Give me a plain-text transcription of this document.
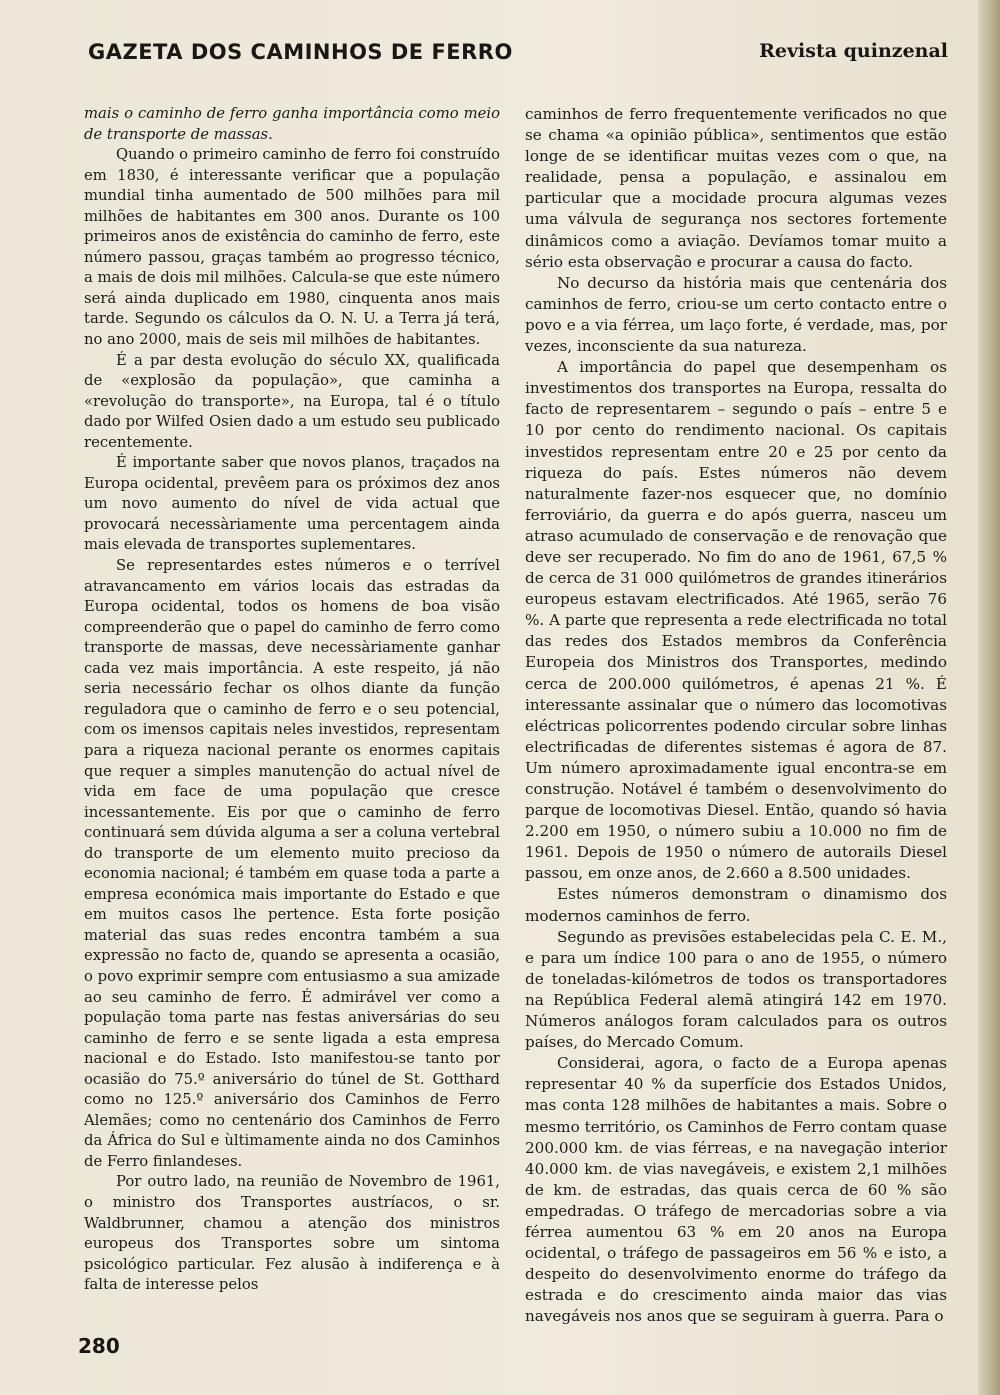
GAZETA DOS CAMINHOS DE FERRO	Revista quinzenal

mais o caminho de ferro ganha importância como meio de transporte de massas.

Quando o primeiro caminho de ferro foi construído em 1830, é interessante verificar que a população mundial tinha aumentado de 500 milhões para mil milhões de habitantes em 300 anos. Durante os 100 primeiros anos de existência do caminho de ferro, este número passou, graças também ao progresso técnico, a mais de dois mil milhões. Calcula-se que este número será ainda duplicado em 1980, cinquenta anos mais tarde. Segundo os cálculos da O. N. U. a Terra já terá, no ano 2000, mais de seis mil milhões de habitantes.

É a par desta evolução do século XX, qualificada de «explosão da população», que caminha a «revolução do transporte», na Europa, tal é o título dado por Wilfed Osien dado a um estudo seu publicado recentemente.

É importante saber que novos planos, traçados na Europa ocidental, prevêem para os próximos dez anos um novo aumento do nível de vida actual que provocará necessàriamente uma percentagem ainda mais elevada de transportes suplementares.

Se representardes estes números e o terrível atravancamento em vários locais das estradas da Europa ocidental, todos os homens de boa visão compreenderão que o papel do caminho de ferro como transporte de massas, deve necessàriamente ganhar cada vez mais importância. A este respeito, já não seria necessário fechar os olhos diante da função reguladora que o caminho de ferro e o seu potencial, com os imensos capitais neles investidos, representam para a riqueza nacional perante os enormes capitais que requer a simples manutenção do actual nível de vida em face de uma população que cresce incessantemente. Eis por que o caminho de ferro continuará sem dúvida alguma a ser a coluna vertebral do transporte de um elemento muito precioso da economia nacional; é também em quase toda a parte a empresa económica mais importante do Estado e que em muitos casos lhe pertence. Esta forte posição material das suas redes encontra também a sua expressão no facto de, quando se apresenta a ocasião, o povo exprimir sempre com entusiasmo a sua amizade ao seu caminho de ferro. É admirável ver como a população toma parte nas festas aniversárias do seu caminho de ferro e se sente ligada a esta empresa nacional e do Estado. Isto manifestou-se tanto por ocasião do 75.º aniversário do túnel de St. Gotthard como no 125.º aniversário dos Caminhos de Ferro Alemães; como no centenário dos Caminhos de Ferro da África do Sul e ùltimamente ainda no dos Caminhos de Ferro finlandeses.

Por outro lado, na reunião de Novembro de 1961, o ministro dos Transportes austríacos, o sr. Waldbrunner, chamou a atenção dos ministros europeus dos Transportes sobre um sintoma psicológico particular. Fez alusão à indiferença e à falta de interesse pelos

caminhos de ferro frequentemente verificados no que se chama «a opinião pública», sentimentos que estão longe de se identificar muitas vezes com o que, na realidade, pensa a população, e assinalou em particular que a mocidade procura algumas vezes uma válvula de segurança nos sectores fortemente dinâmicos como a aviação. Devíamos tomar muito a sério esta observação e procurar a causa do facto.

No decurso da história mais que centenária dos caminhos de ferro, criou-se um certo contacto entre o povo e a via férrea, um laço forte, é verdade, mas, por vezes, inconsciente da sua natureza.

A importância do papel que desempenham os investimentos dos transportes na Europa, ressalta do facto de representarem – segundo o país – entre 5 e 10 por cento do rendimento nacional. Os capitais investidos representam entre 20 e 25 por cento da riqueza do país. Estes números não devem naturalmente fazer-nos esquecer que, no domínio ferroviário, da guerra e do após guerra, nasceu um atraso acumulado de conservação e de renovação que deve ser recuperado. No fim do ano de 1961, 67,5 % de cerca de 31 000 quilómetros de grandes itinerários europeus estavam electrificados. Até 1965, serão 76 %. A parte que representa a rede electrificada no total das redes dos Estados membros da Conferência Europeia dos Ministros dos Transportes, medindo cerca de 200.000 quilómetros, é apenas 21 %. É interessante assinalar que o número das locomotivas eléctricas policorrentes podendo circular sobre linhas electrificadas de diferentes sistemas é agora de 87. Um número aproximadamente igual encontra-se em construção. Notável é também o desenvolvimento do parque de locomotivas Diesel. Então, quando só havia 2.200 em 1950, o número subiu a 10.000 no fim de 1961. Depois de 1950 o número de autorails Diesel passou, em onze anos, de 2.660 a 8.500 unidades.

Estes números demonstram o dinamismo dos modernos caminhos de ferro.

Segundo as previsões estabelecidas pela C. E. M., e para um índice 100 para o ano de 1955, o número de toneladas-kilómetros de todos os transportadores na República Federal alemã atingirá 142 em 1970. Números análogos foram calculados para os outros países, do Mercado Comum.

Considerai, agora, o facto de a Europa apenas representar 40 % da superfície dos Estados Unidos, mas conta 128 milhões de habitantes a mais. Sobre o mesmo território, os Caminhos de Ferro contam quase 200.000 km. de vias férreas, e na navegação interior 40.000 km. de vias navegáveis, e existem 2,1 milhões de km. de estradas, das quais cerca de 60 % são empedradas. O tráfego de mercadorias sobre a via férrea aumentou 63 % em 20 anos na Europa ocidental, o tráfego de passageiros em 56 % e isto, a despeito do desenvolvimento enorme do tráfego da estrada e do crescimento ainda maior das vias navegáveis nos anos que se seguiram à guerra. Para o

280
